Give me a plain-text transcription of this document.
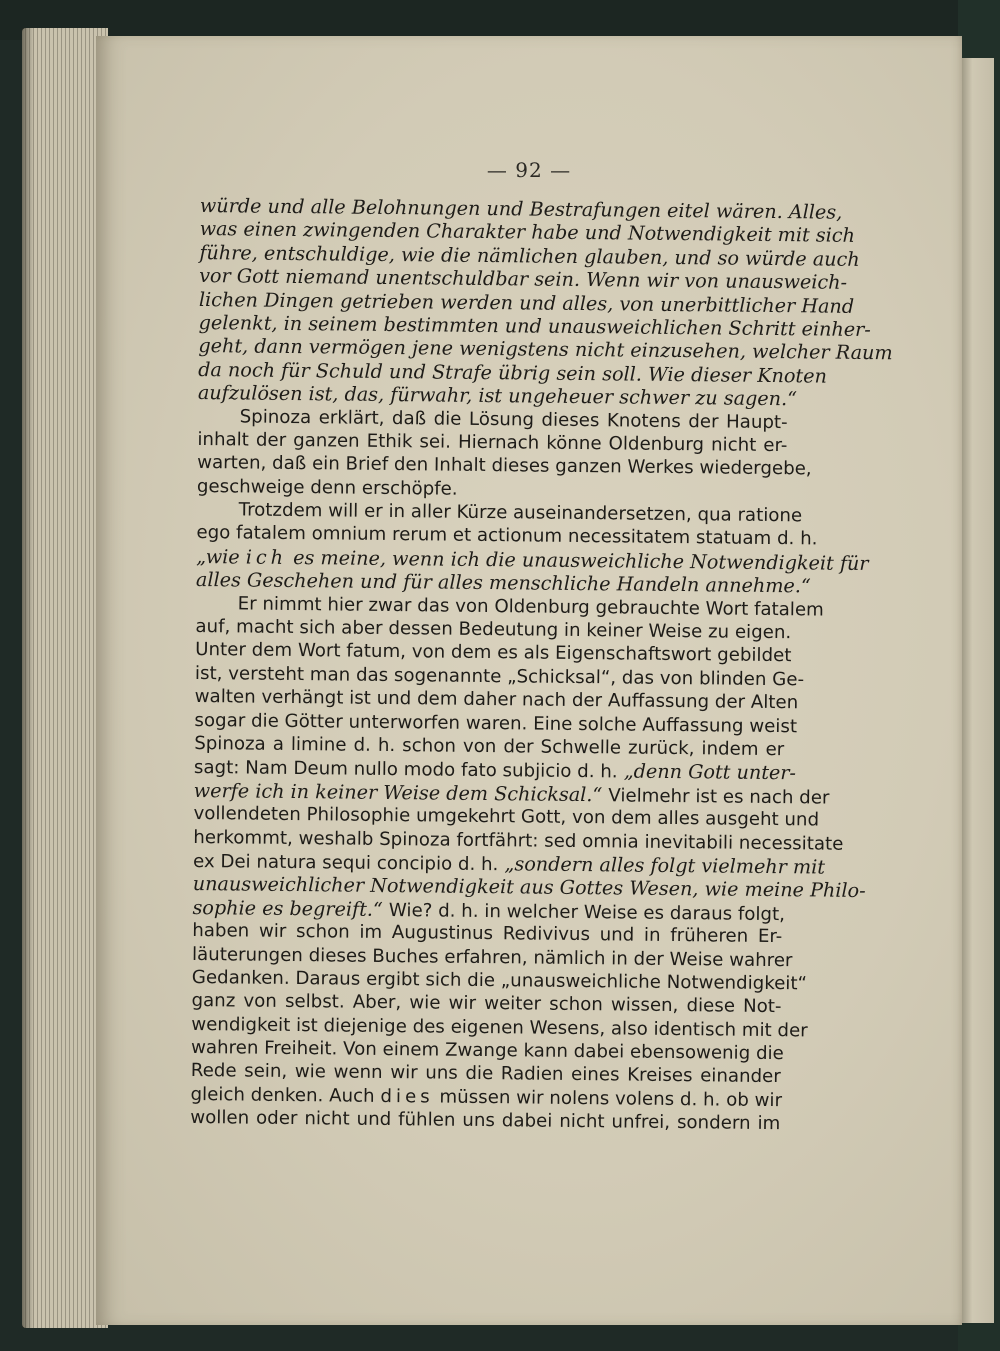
— 92 —
würde und alle Belohnungen und Bestrafungen eitel wären. Alles,
was einen zwingenden Charakter habe und Notwendigkeit mit sich
führe, entschuldige, wie die nämlichen glauben, und so würde auch
vor Gott niemand unentschuldbar sein. Wenn wir von unausweich-
lichen Dingen getrieben werden und alles, von unerbittlicher Hand
gelenkt, in seinem bestimmten und unausweichlichen Schritt einher-
geht, dann vermögen jene wenigstens nicht einzusehen, welcher Raum
da noch für Schuld und Strafe übrig sein soll. Wie dieser Knoten
aufzulösen ist, das, fürwahr, ist ungeheuer schwer zu sagen.“
Spinoza erklärt, daß die Lösung dieses Knotens der Haupt-
inhalt der ganzen Ethik sei. Hiernach könne Oldenburg nicht er-
warten, daß ein Brief den Inhalt dieses ganzen Werkes wiedergebe,
geschweige denn erschöpfe.
Trotzdem will er in aller Kürze auseinandersetzen, qua ratione
ego fatalem omnium rerum et actionum necessitatem statuam d. h.
„wie ich es meine, wenn ich die unausweichliche Notwendigkeit für
alles Geschehen und für alles menschliche Handeln annehme.“
Er nimmt hier zwar das von Oldenburg gebrauchte Wort fatalem
auf, macht sich aber dessen Bedeutung in keiner Weise zu eigen.
Unter dem Wort fatum, von dem es als Eigenschaftswort gebildet
ist, versteht man das sogenannte „Schicksal“, das von blinden Ge-
walten verhängt ist und dem daher nach der Auffassung der Alten
sogar die Götter unterworfen waren. Eine solche Auffassung weist
Spinoza a limine d. h. schon von der Schwelle zurück, indem er
sagt: Nam Deum nullo modo fato subjicio d. h. „denn Gott unter-
werfe ich in keiner Weise dem Schicksal.“ Vielmehr ist es nach der
vollendeten Philosophie umgekehrt Gott, von dem alles ausgeht und
herkommt, weshalb Spinoza fortfährt: sed omnia inevitabili necessitate
ex Dei natura sequi concipio d. h. „sondern alles folgt vielmehr mit
unausweichlicher Notwendigkeit aus Gottes Wesen, wie meine Philo-
sophie es begreift.“ Wie? d. h. in welcher Weise es daraus folgt,
haben wir schon im Augustinus Redivivus und in früheren Er-
läuterungen dieses Buches erfahren, nämlich in der Weise wahrer
Gedanken. Daraus ergibt sich die „unausweichliche Notwendigkeit“
ganz von selbst. Aber, wie wir weiter schon wissen, diese Not-
wendigkeit ist diejenige des eigenen Wesens, also identisch mit der
wahren Freiheit. Von einem Zwange kann dabei ebensowenig die
Rede sein, wie wenn wir uns die Radien eines Kreises einander
gleich denken. Auch dies müssen wir nolens volens d. h. ob wir
wollen oder nicht und fühlen uns dabei nicht unfrei, sondern im
